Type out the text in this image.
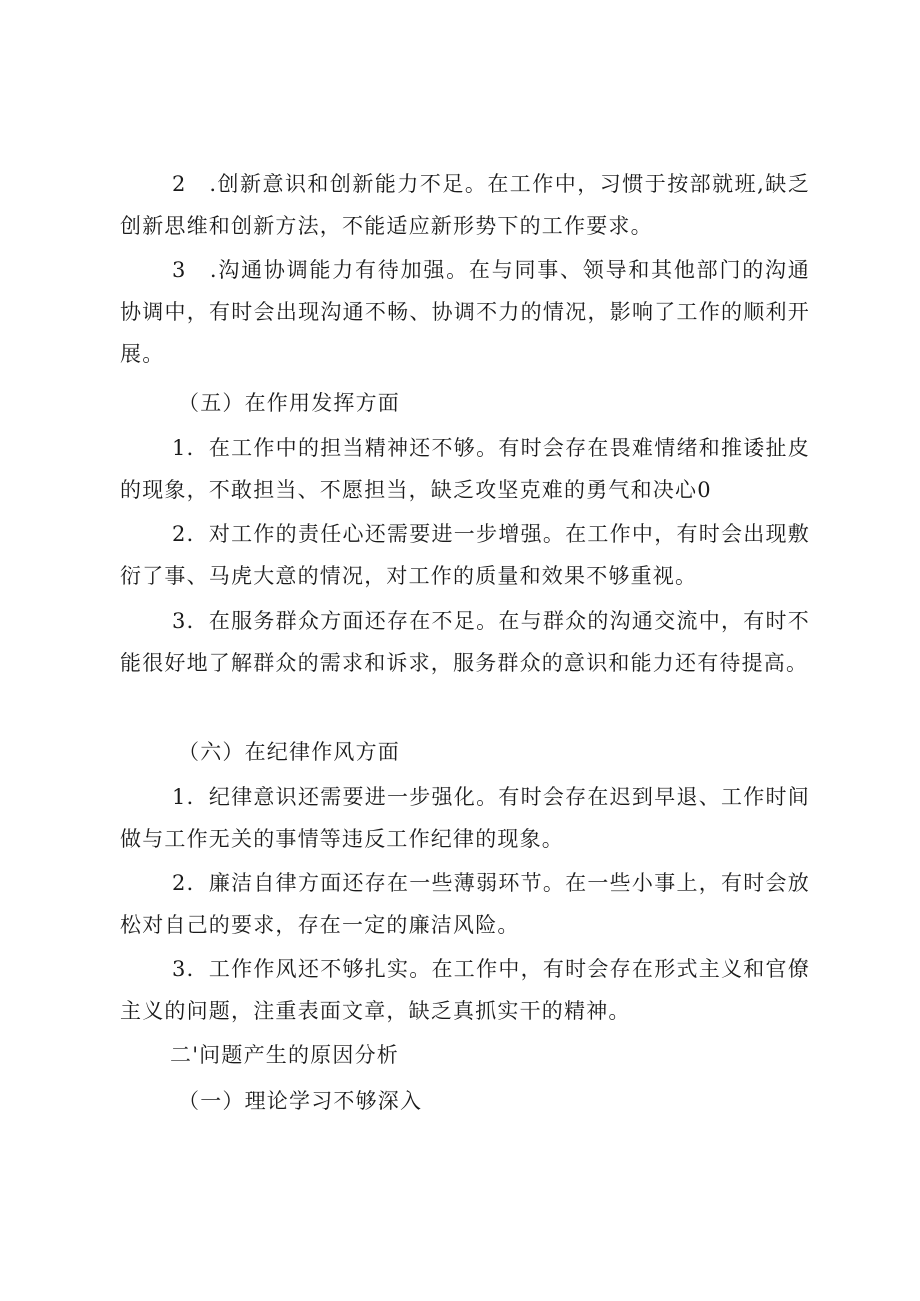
2　.创新意识和创新能力不足。在工作中，习惯于按部就班,缺乏创新思维和创新方法，不能适应新形势下的工作要求。

3　.沟通协调能力有待加强。在与同事、领导和其他部门的沟通协调中，有时会出现沟通不畅、协调不力的情况，影响了工作的顺利开展。

（五）在作用发挥方面

1．在工作中的担当精神还不够。有时会存在畏难情绪和推诿扯皮的现象，不敢担当、不愿担当，缺乏攻坚克难的勇气和决心0

2．对工作的责任心还需要进一步增强。在工作中，有时会出现敷衍了事、马虎大意的情况，对工作的质量和效果不够重视。

3．在服务群众方面还存在不足。在与群众的沟通交流中，有时不能很好地了解群众的需求和诉求，服务群众的意识和能力还有待提高。

（六）在纪律作风方面

1．纪律意识还需要进一步强化。有时会存在迟到早退、工作时间做与工作无关的事情等违反工作纪律的现象。

2．廉洁自律方面还存在一些薄弱环节。在一些小事上，有时会放松对自己的要求，存在一定的廉洁风险。

3．工作作风还不够扎实。在工作中，有时会存在形式主义和官僚主义的问题，注重表面文章，缺乏真抓实干的精神。

二'问题产生的原因分析

（一）理论学习不够深入
